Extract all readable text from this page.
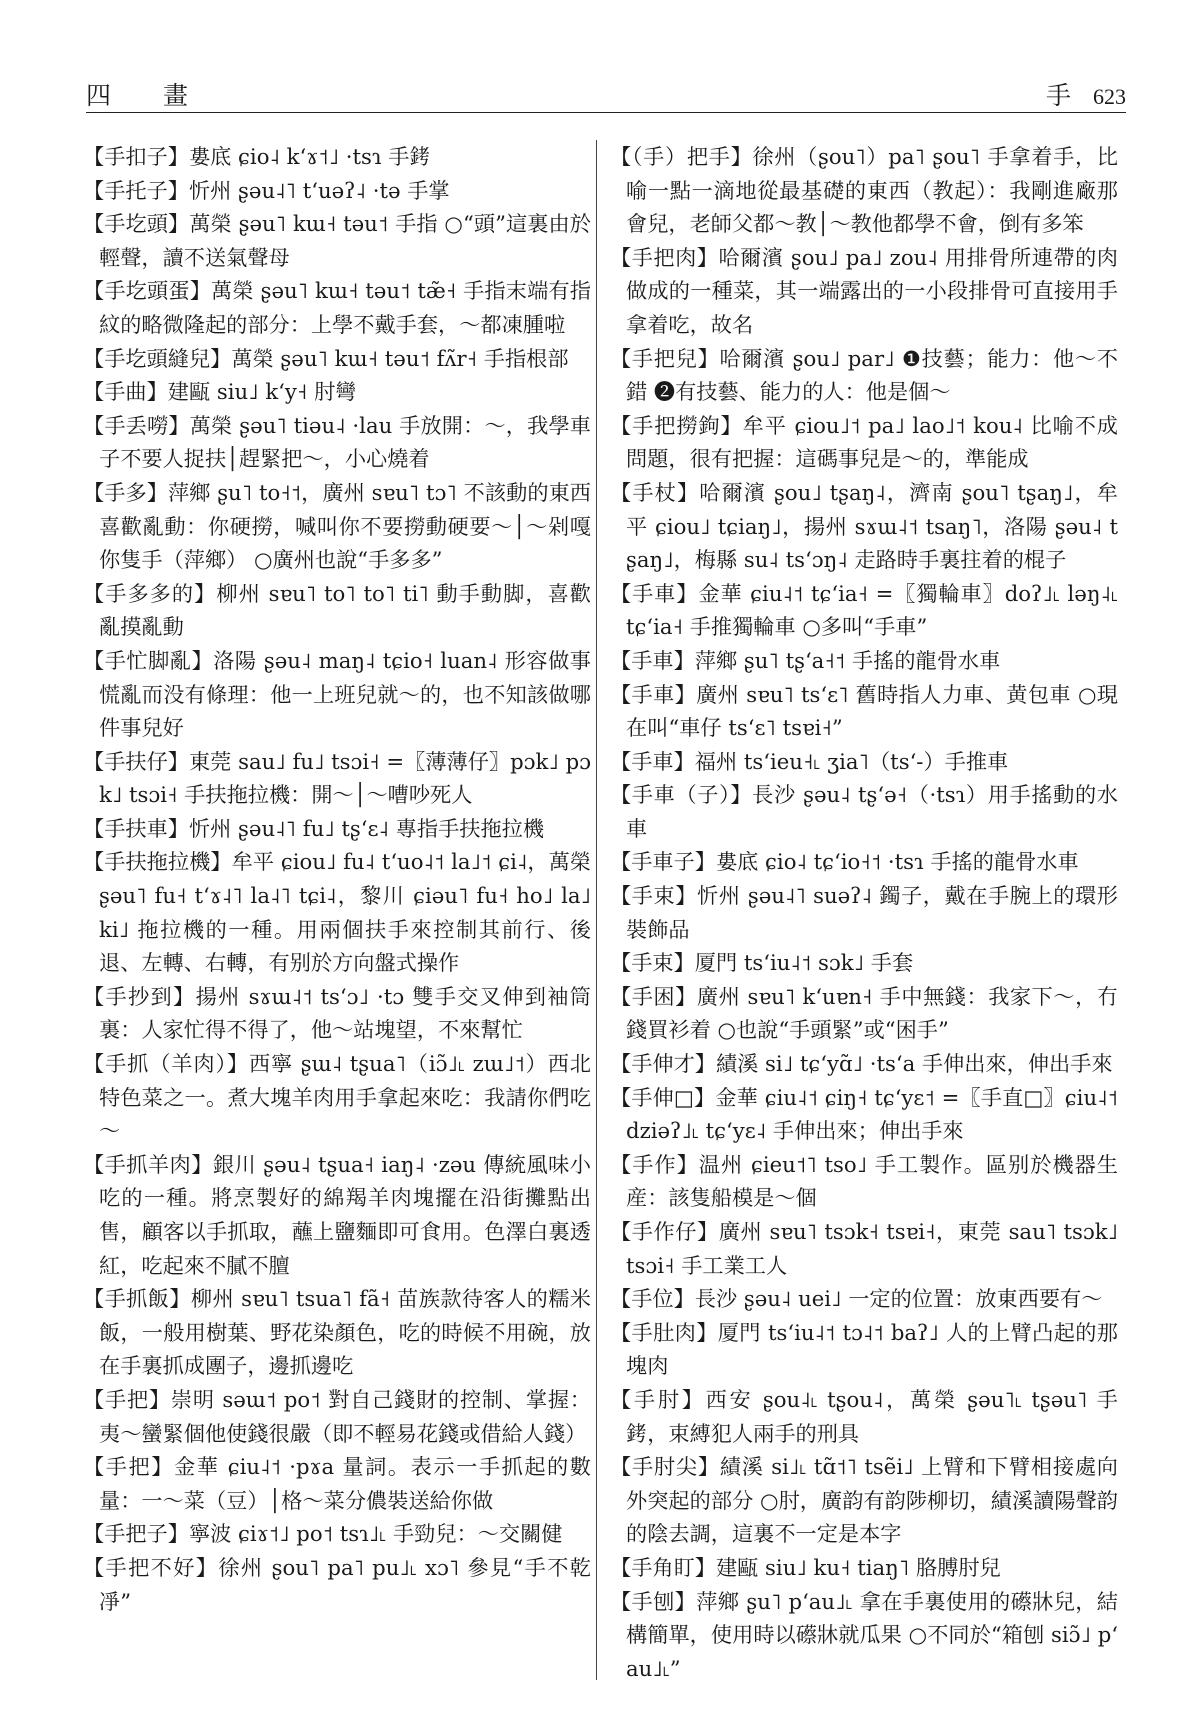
四 畫	手 623

【手扣子】婁底 ɕio˨ kʻɤ˦˩ ·tsɿ 手銬

【手托子】忻州 ʂəu˨˥ tʻuəʔ˨ ·tə 手掌

【手圪頭】萬榮 ʂəu˥ kɯ˧ təu˦ 手指 ○“頭”這裏由於輕聲，讀不送氣聲母

【手圪頭蛋】萬榮 ʂəu˥ kɯ˧ təu˦ tæ̃˧ 手指末端有指紋的略微隆起的部分：上學不戴手套，～都凍腫啦

【手圪頭縫兒】萬榮 ʂəu˥ kɯ˧ təu˦ fʌ̃r˧ 手指根部

【手曲】建甌 siu˩ kʻy˧ 肘彎

【手丢嘮】萬榮 ʂəu˥ tiəu˨ ·lau 手放開：～，我學車子不要人捉扶│趕緊把～，小心燒着

【手多】萍鄉 ʂu˥ to˧˦，廣州 sɐu˥ tɔ˥ 不該動的東西喜歡亂動：你硬撈，喊叫你不要撈動硬要～│～剁嘎你隻手（萍鄉） ○廣州也說“手多多”

【手多多的】柳州 sɐu˥ to˥ to˥ ti˥ 動手動脚，喜歡亂摸亂動

【手忙脚亂】洛陽 ʂəu˨ maŋ˨ tɕio˧ luan˨ 形容做事慌亂而没有條理：他一上班兒就～的，也不知該做哪件事兒好

【手扶仔】東莞 sau˩ fu˩ tsɔi˧ =〖薄薄仔〗pɔk˩ pɔk˩ tsɔi˧ 手扶拖拉機：開～│～嘈吵死人

【手扶車】忻州 ʂəu˨˥ fu˩ tʂʻɛ˨ 專指手扶拖拉機

【手扶拖拉機】牟平 ɕiou˩ fu˨ tʻuo˨˦ la˩˦ ɕi˨，萬榮 ʂəu˥ fu˧ tʻɤ˨˥ la˨˥ tɕi˨，黎川 ɕiəu˥ fu˧ ho˩ la˩ ki˩ 拖拉機的一種。用兩個扶手來控制其前行、後退、左轉、右轉，有别於方向盤式操作

【手抄到】揚州 sɤɯ˨˦ tsʻɔ˩ ·tɔ 雙手交叉伸到袖筒裏：人家忙得不得了，他～站塊望，不來幫忙

【手抓（羊肉）】西寧 ʂɯ˨ tʂua˥（iɔ̃˩˪ zɯ˩˦）西北特色菜之一。煮大塊羊肉用手拿起來吃：我請你們吃～

【手抓羊肉】銀川 ʂəu˨ tʂua˧ iaŋ˨ ·zəu 傳統風味小吃的一種。將烹製好的綿羯羊肉塊擺在沿街攤點出售，顧客以手抓取，蘸上鹽麵即可食用。色澤白裏透紅，吃起來不膩不膻

【手抓飯】柳州 sɐu˥ tsua˥ fã˧ 苗族款待客人的糯米飯，一般用樹葉、野花染顏色，吃的時候不用碗，放在手裏抓成團子，邊抓邊吃

【手把】崇明 səɯ˦ po˦ 對自己錢財的控制、掌握：夷～蠻緊個他使錢很嚴（即不輕易花錢或借給人錢）

【手把】金華 ɕiu˨˦ ·pɤa 量詞。表示一手抓起的數量：一～菜（豆）│格～菜分儂裝送給你做

【手把子】寧波 ɕiɤ˦˩ po˦ tsɿ˩˪ 手勁兒：～交關健

【手把不好】徐州 ʂou˥ pa˥ pu˩˪ xɔ˥ 參見“手不乾凈”

【（手）把手】徐州（ʂou˥）pa˥ ʂou˥ 手拿着手，比喻一點一滴地從最基礎的東西（教起）：我剛進廠那會兒，老師父都～教│～教他都學不會，倒有多笨

【手把肉】哈爾濱 ʂou˩ pa˩ zou˨ 用排骨所連帶的肉做成的一種菜，其一端露出的一小段排骨可直接用手拿着吃，故名

【手把兒】哈爾濱 ʂou˩ par˩ ❶技藝；能力：他～不錯 ❷有技藝、能力的人：他是個～

【手把撈鉤】牟平 ɕiou˩˦ pa˩ lao˩˦ kou˨ 比喻不成問題，很有把握：這碼事兒是～的，準能成

【手杖】哈爾濱 ʂou˩ tʂaŋ˨，濟南 ʂou˥ tʂaŋ˩，牟平 ɕiou˩ tɕiaŋ˩，揚州 sɤɯ˨˦ tsaŋ˥，洛陽 ʂəu˨ tʂaŋ˩，梅縣 su˨ tsʻɔŋ˨ 走路時手裏拄着的棍子

【手車】金華 ɕiu˨˦ tɕʻia˧ =〖獨輪車〗doʔ˩˪ ləŋ˨˪ tɕʻia˧ 手推獨輪車 ○多叫“手車”

【手車】萍鄉 ʂu˥ tʂʻa˧˦ 手搖的龍骨水車

【手車】廣州 sɐu˥ tsʻɛ˥ 舊時指人力車、黄包車 ○現在叫“車仔 tsʻɛ˥ tsɐi˧”

【手車】福州 tsʻieu˧˪ ʒia˥（tsʻ-）手推車

【手車（子）】長沙 ʂəu˨ tʂʻə˧（·tsɿ）用手搖動的水車

【手車子】婁底 ɕio˨ tɕʻio˧˦ ·tsɿ 手搖的龍骨水車

【手束】忻州 ʂəu˨˥ suəʔ˨ 鐲子，戴在手腕上的環形裝飾品

【手束】厦門 tsʻiu˨˦ sɔk˩ 手套

【手困】廣州 sɐu˥ kʻuɐn˧ 手中無錢：我家下～，冇錢買衫着 ○也說“手頭緊”或“困手”

【手伸才】績溪 si˩ tɕʻyɑ̃˩ ·tsʻa 手伸出來，伸出手來

【手伸□】金華 ɕiu˨˦ ɕiŋ˧ tɕʻyɛ˦ =〖手直□〗ɕiu˨˦ dziəʔ˩˪ tɕʻyɛ˨ 手伸出來；伸出手來

【手作】温州 ɕieu˦˥ tso˩ 手工製作。區别於機器生産：該隻船模是～個

【手作仔】廣州 sɐu˥ tsɔk˧ tsɐi˧，東莞 sau˥ tsɔk˩ tsɔi˧ 手工業工人

【手位】長沙 ʂəu˨ uei˩ 一定的位置：放東西要有～

【手肚肉】厦門 tsʻiu˨˦ tɔ˨˦ baʔ˩ 人的上臂凸起的那塊肉

【手肘】西安 ʂou˨˪ tʂou˨，萬榮 ʂəu˥˪ tʂəu˥ 手銬，束縛犯人兩手的刑具

【手肘尖】績溪 si˩˪ tɑ̃˦˥ tsẽi˩ 上臂和下臂相接處向外突起的部分 ○肘，廣韵有韵陟柳切，績溪讀陽聲韵的陰去調，這裏不一定是本字

【手角盯】建甌 siu˩ ku˧ tiaŋ˥ 胳膊肘兒

【手刨】萍鄉 ʂu˥ pʻau˩˪ 拿在手裏使用的礤牀兒，結構簡單，使用時以礤牀就瓜果 ○不同於“箱刨 siɔ̃˩ pʻau˩˪”
